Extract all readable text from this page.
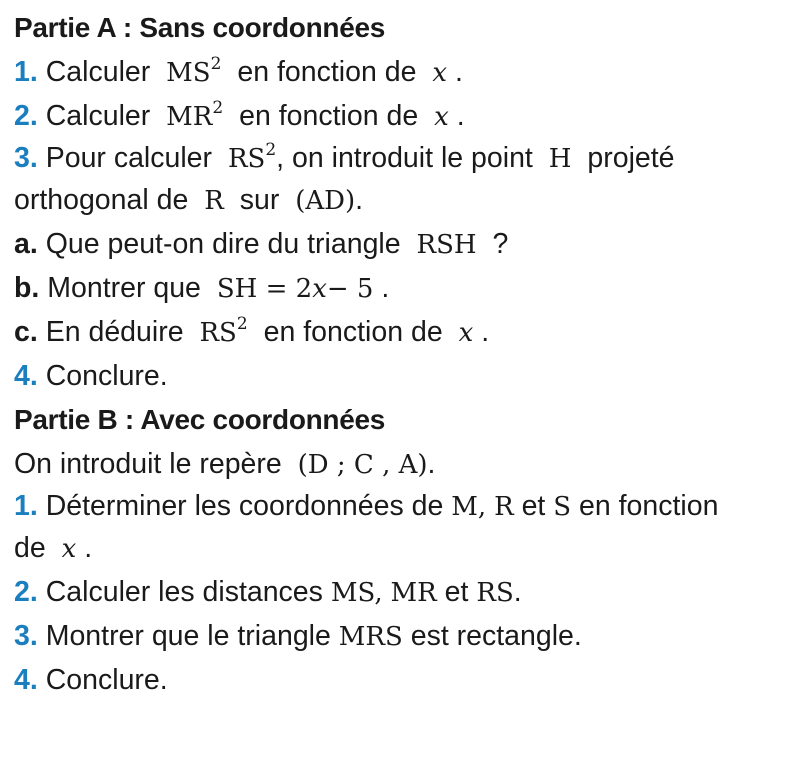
Partie A : Sans coordonnées
1. Calculer $MS^2$ en fonction de x .
2. Calculer $MR^2$ en fonction de x .
3. Pour calculer $RS^2$, on introduit le point H projeté
orthogonal de R sur (AD).
a. Que peut-on dire du triangle RSH ?
b. Montrer que SH = 2x− 5 .
c. En déduire $RS^2$ en fonction de x .
4. Conclure.
Partie B : Avec coordonnées
On introduit le repère (D ; C , A).
1. Déterminer les coordonnées de M, R et S en fonction
de x .
2. Calculer les distances MS, MR et RS.
3. Montrer que le triangle MRS est rectangle.
4. Conclure.
